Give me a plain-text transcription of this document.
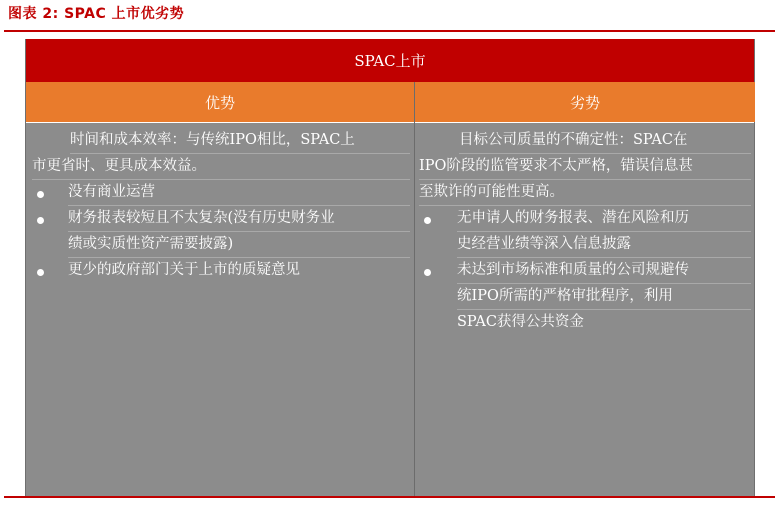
图表 2: SPAC 上市优劣势
SPAC上市
优势	劣势
时间和成本效率：与传统IPO相比，SPAC上
市更省时、更具成本效益。
没有商业运营
财务报表较短且不太复杂(没有历史财务业
绩或实质性资产需要披露)
更少的政府部门关于上市的质疑意见
目标公司质量的不确定性：SPAC在
IPO阶段的监管要求不太严格，错误信息甚
至欺诈的可能性更高。
无申请人的财务报表、潜在风险和历
史经营业绩等深入信息披露
未达到市场标准和质量的公司规避传
统IPO所需的严格审批程序，利用
SPAC获得公共资金
